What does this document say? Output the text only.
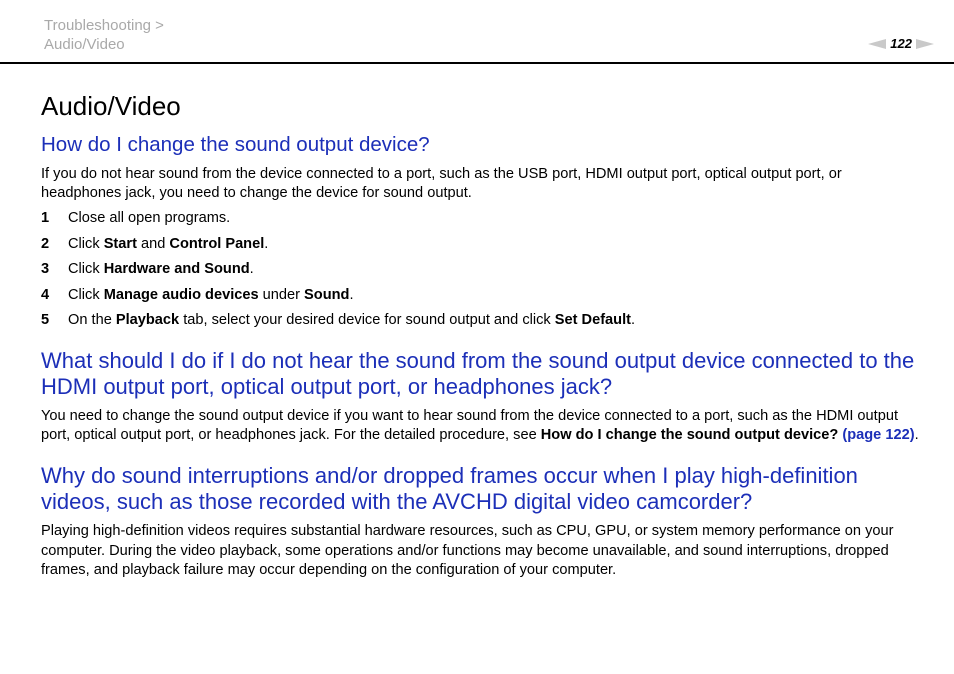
Troubleshooting >
Audio/Video	122
Audio/Video
How do I change the sound output device?

If you do not hear sound from the device connected to a port, such as the USB port, HDMI output port, optical output port, or headphones jack, you need to change the device for sound output.

1	Close all open programs.
2	Click Start and Control Panel.
3	Click Hardware and Sound.
4	Click Manage audio devices under Sound.
5	On the Playback tab, select your desired device for sound output and click Set Default.
What should I do if I do not hear the sound from the sound output device connected to the HDMI output port, optical output port, or headphones jack?

You need to change the sound output device if you want to hear sound from the device connected to a port, such as the HDMI output port, optical output port, or headphones jack. For the detailed procedure, see How do I change the sound output device? (page 122).

Why do sound interruptions and/or dropped frames occur when I play high-definition videos, such as those recorded with the AVCHD digital video camcorder?

Playing high-definition videos requires substantial hardware resources, such as CPU, GPU, or system memory performance on your computer. During the video playback, some operations and/or functions may become unavailable, and sound interruptions, dropped frames, and playback failure may occur depending on the configuration of your computer.
